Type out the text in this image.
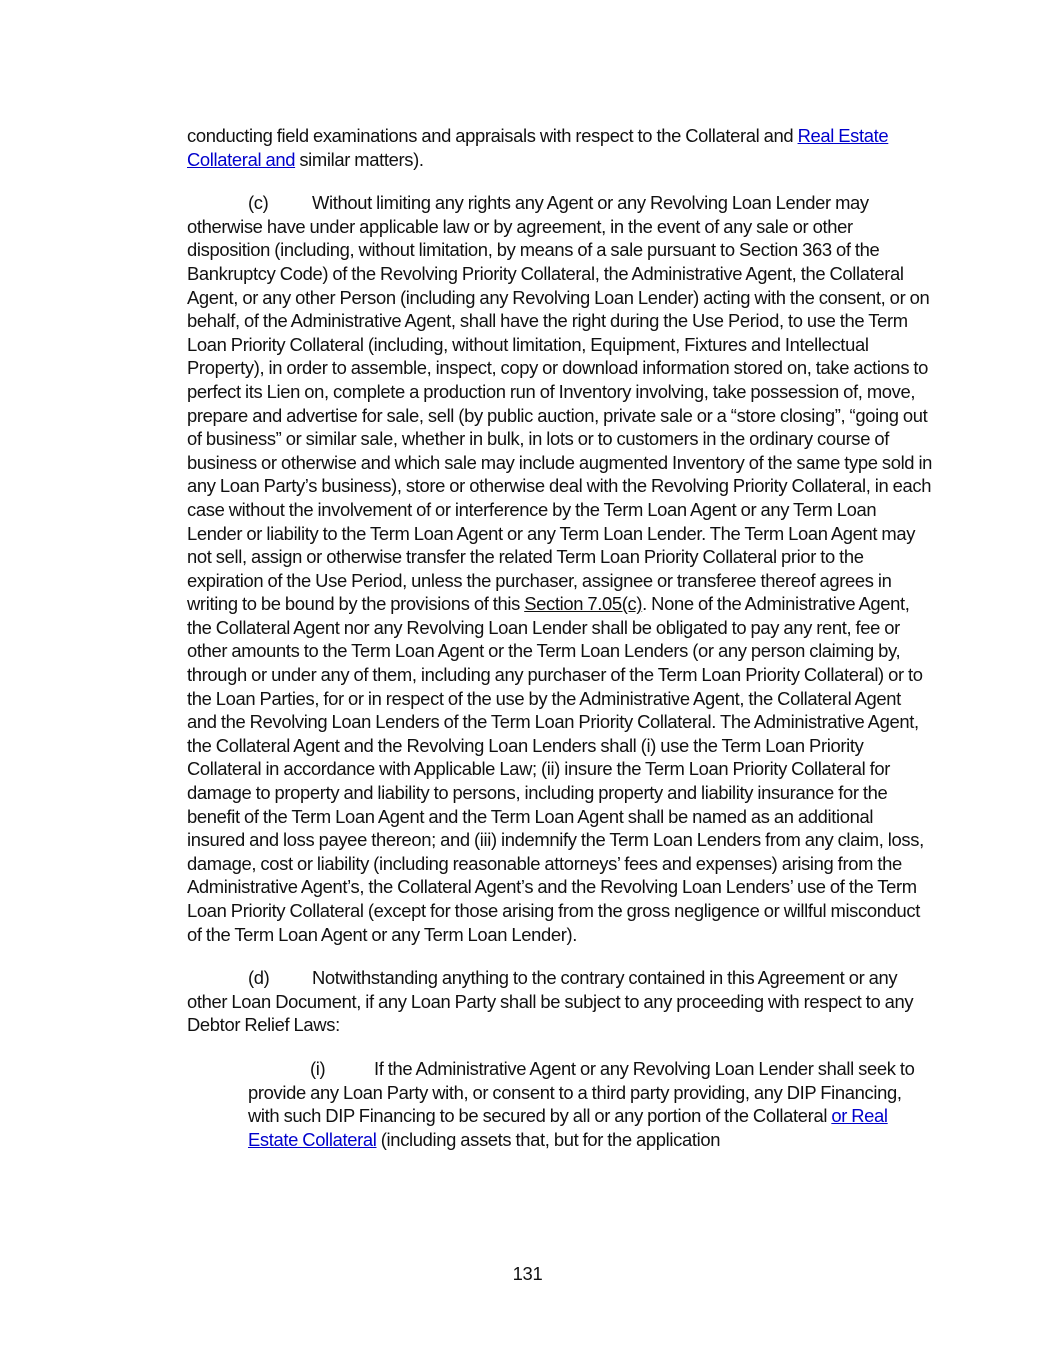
conducting field examinations and appraisals with respect to the Collateral and Real Estate Collateral and similar matters).

(c) Without limiting any rights any Agent or any Revolving Loan Lender may otherwise have under applicable law or by agreement, in the event of any sale or other disposition (including, without limitation, by means of a sale pursuant to Section 363 of the Bankruptcy Code) of the Revolving Priority Collateral, the Administrative Agent, the Collateral Agent, or any other Person (including any Revolving Loan Lender) acting with the consent, or on behalf, of the Administrative Agent, shall have the right during the Use Period, to use the Term Loan Priority Collateral (including, without limitation, Equipment, Fixtures and Intellectual Property), in order to assemble, inspect, copy or download information stored on, take actions to perfect its Lien on, complete a production run of Inventory involving, take possession of, move, prepare and advertise for sale, sell (by public auction, private sale or a “store closing”, “going out of business” or similar sale, whether in bulk, in lots or to customers in the ordinary course of business or otherwise and which sale may include augmented Inventory of the same type sold in any Loan Party’s business), store or otherwise deal with the Revolving Priority Collateral, in each case without the involvement of or interference by the Term Loan Agent or any Term Loan Lender or liability to the Term Loan Agent or any Term Loan Lender. The Term Loan Agent may not sell, assign or otherwise transfer the related Term Loan Priority Collateral prior to the expiration of the Use Period, unless the purchaser, assignee or transferee thereof agrees in writing to be bound by the provisions of this Section 7.05(c). None of the Administrative Agent, the Collateral Agent nor any Revolving Loan Lender shall be obligated to pay any rent, fee or other amounts to the Term Loan Agent or the Term Loan Lenders (or any person claiming by, through or under any of them, including any purchaser of the Term Loan Priority Collateral) or to the Loan Parties, for or in respect of the use by the Administrative Agent, the Collateral Agent and the Revolving Loan Lenders of the Term Loan Priority Collateral. The Administrative Agent, the Collateral Agent and the Revolving Loan Lenders shall (i) use the Term Loan Priority Collateral in accordance with Applicable Law; (ii) insure the Term Loan Priority Collateral for damage to property and liability to persons, including property and liability insurance for the benefit of the Term Loan Agent and the Term Loan Agent shall be named as an additional insured and loss payee thereon; and (iii) indemnify the Term Loan Lenders from any claim, loss, damage, cost or liability (including reasonable attorneys’ fees and expenses) arising from the Administrative Agent’s, the Collateral Agent’s and the Revolving Loan Lenders’ use of the Term Loan Priority Collateral (except for those arising from the gross negligence or willful misconduct of the Term Loan Agent or any Term Loan Lender).

(d) Notwithstanding anything to the contrary contained in this Agreement or any other Loan Document, if any Loan Party shall be subject to any proceeding with respect to any Debtor Relief Laws:

(i)	If the Administrative Agent or any Revolving Loan Lender shall seek to provide any Loan Party with, or consent to a third party providing, any DIP Financing, with such DIP Financing to be secured by all or any portion of the Collateral or Real Estate Collateral (including assets that, but for the application

131
